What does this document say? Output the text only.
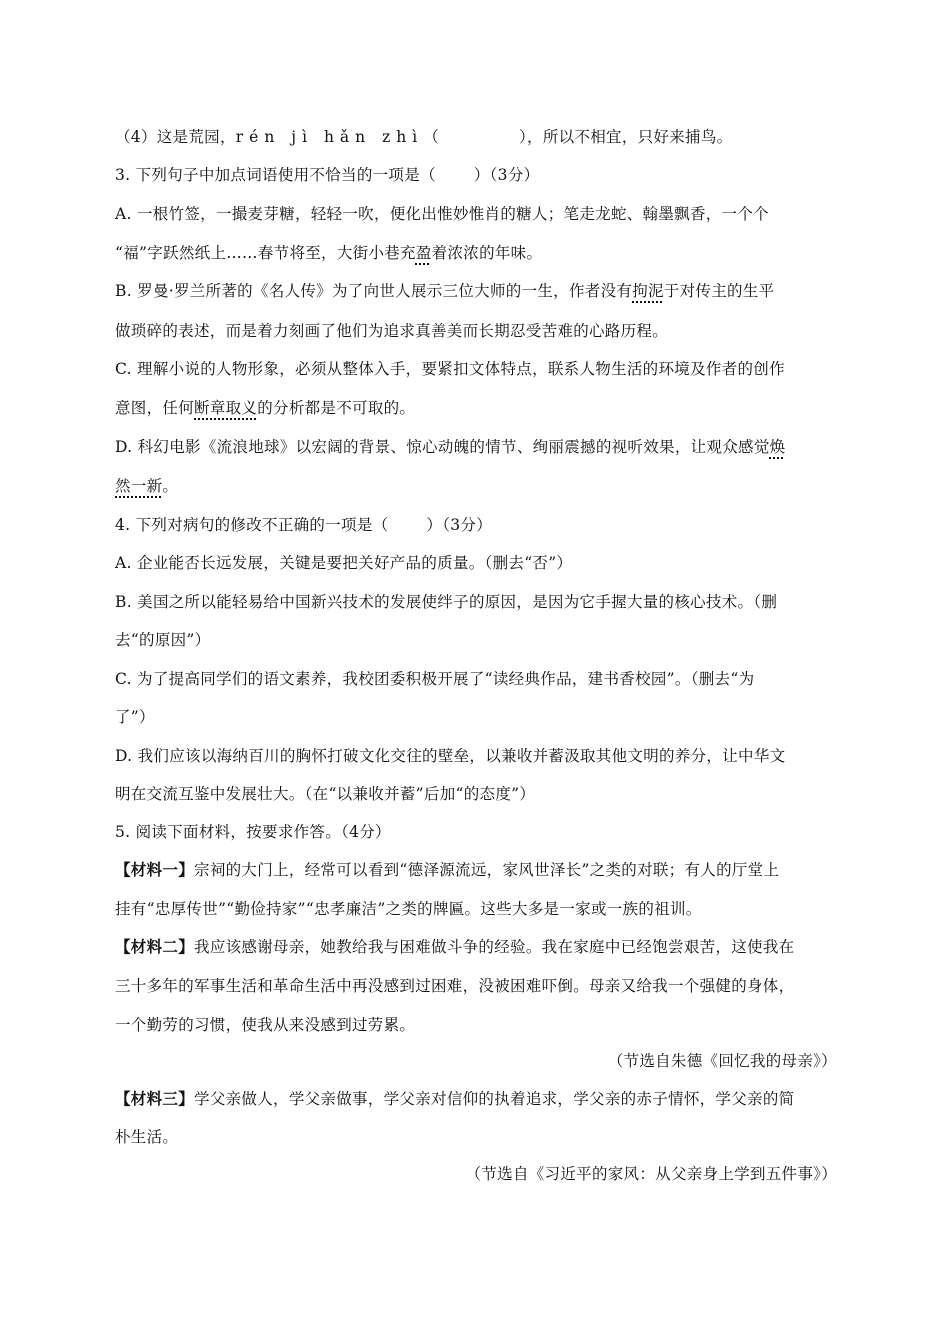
（4）这是荒园，rén jì hǎn zhì（	），所以不相宜，只好来捕鸟。
3. 下列句子中加点词语使用不恰当的一项是（ ）（3分）
A. 一根竹签，一撮麦芽糖，轻轻一吹，便化出惟妙惟肖的糖人；笔走龙蛇、翰墨飘香，一个个
“福”字跃然纸上……春节将至，大街小巷充盈着浓浓的年味。
B. 罗曼·罗兰所著的《名人传》为了向世人展示三位大师的一生，作者没有拘泥于对传主的生平
做琐碎的表述，而是着力刻画了他们为追求真善美而长期忍受苦难的心路历程。
C. 理解小说的人物形象，必须从整体入手，要紧扣文体特点，联系人物生活的环境及作者的创作
意图，任何断章取义的分析都是不可取的。
D. 科幻电影《流浪地球》以宏阔的背景、惊心动魄的情节、绚丽震撼的视听效果，让观众感觉焕
然一新。
4. 下列对病句的修改不正确的一项是（ ）（3分）
A. 企业能否长远发展，关键是要把关好产品的质量。（删去“否”）
B. 美国之所以能轻易给中国新兴技术的发展使绊子的原因，是因为它手握大量的核心技术。（删
去“的原因”）
C. 为了提高同学们的语文素养，我校团委积极开展了“读经典作品，建书香校园”。（删去“为
了”）
D. 我们应该以海纳百川的胸怀打破文化交往的壁垒，以兼收并蓄汲取其他文明的养分，让中华文
明在交流互鉴中发展壮大。（在“以兼收并蓄”后加“的态度”）
5. 阅读下面材料，按要求作答。（4分）
【材料一】宗祠的大门上，经常可以看到“德泽源流远，家风世泽长”之类的对联；有人的厅堂上
挂有“忠厚传世”“勤俭持家”“忠孝廉洁”之类的牌匾。这些大多是一家或一族的祖训。
【材料二】我应该感谢母亲，她教给我与困难做斗争的经验。我在家庭中已经饱尝艰苦，这使我在
三十多年的军事生活和革命生活中再没感到过困难，没被困难吓倒。母亲又给我一个强健的身体，
一个勤劳的习惯，使我从来没感到过劳累。
（节选自朱德《回忆我的母亲》）
【材料三】学父亲做人，学父亲做事，学父亲对信仰的执着追求，学父亲的赤子情怀，学父亲的简
朴生活。
（节选自《习近平的家风：从父亲身上学到五件事》）
